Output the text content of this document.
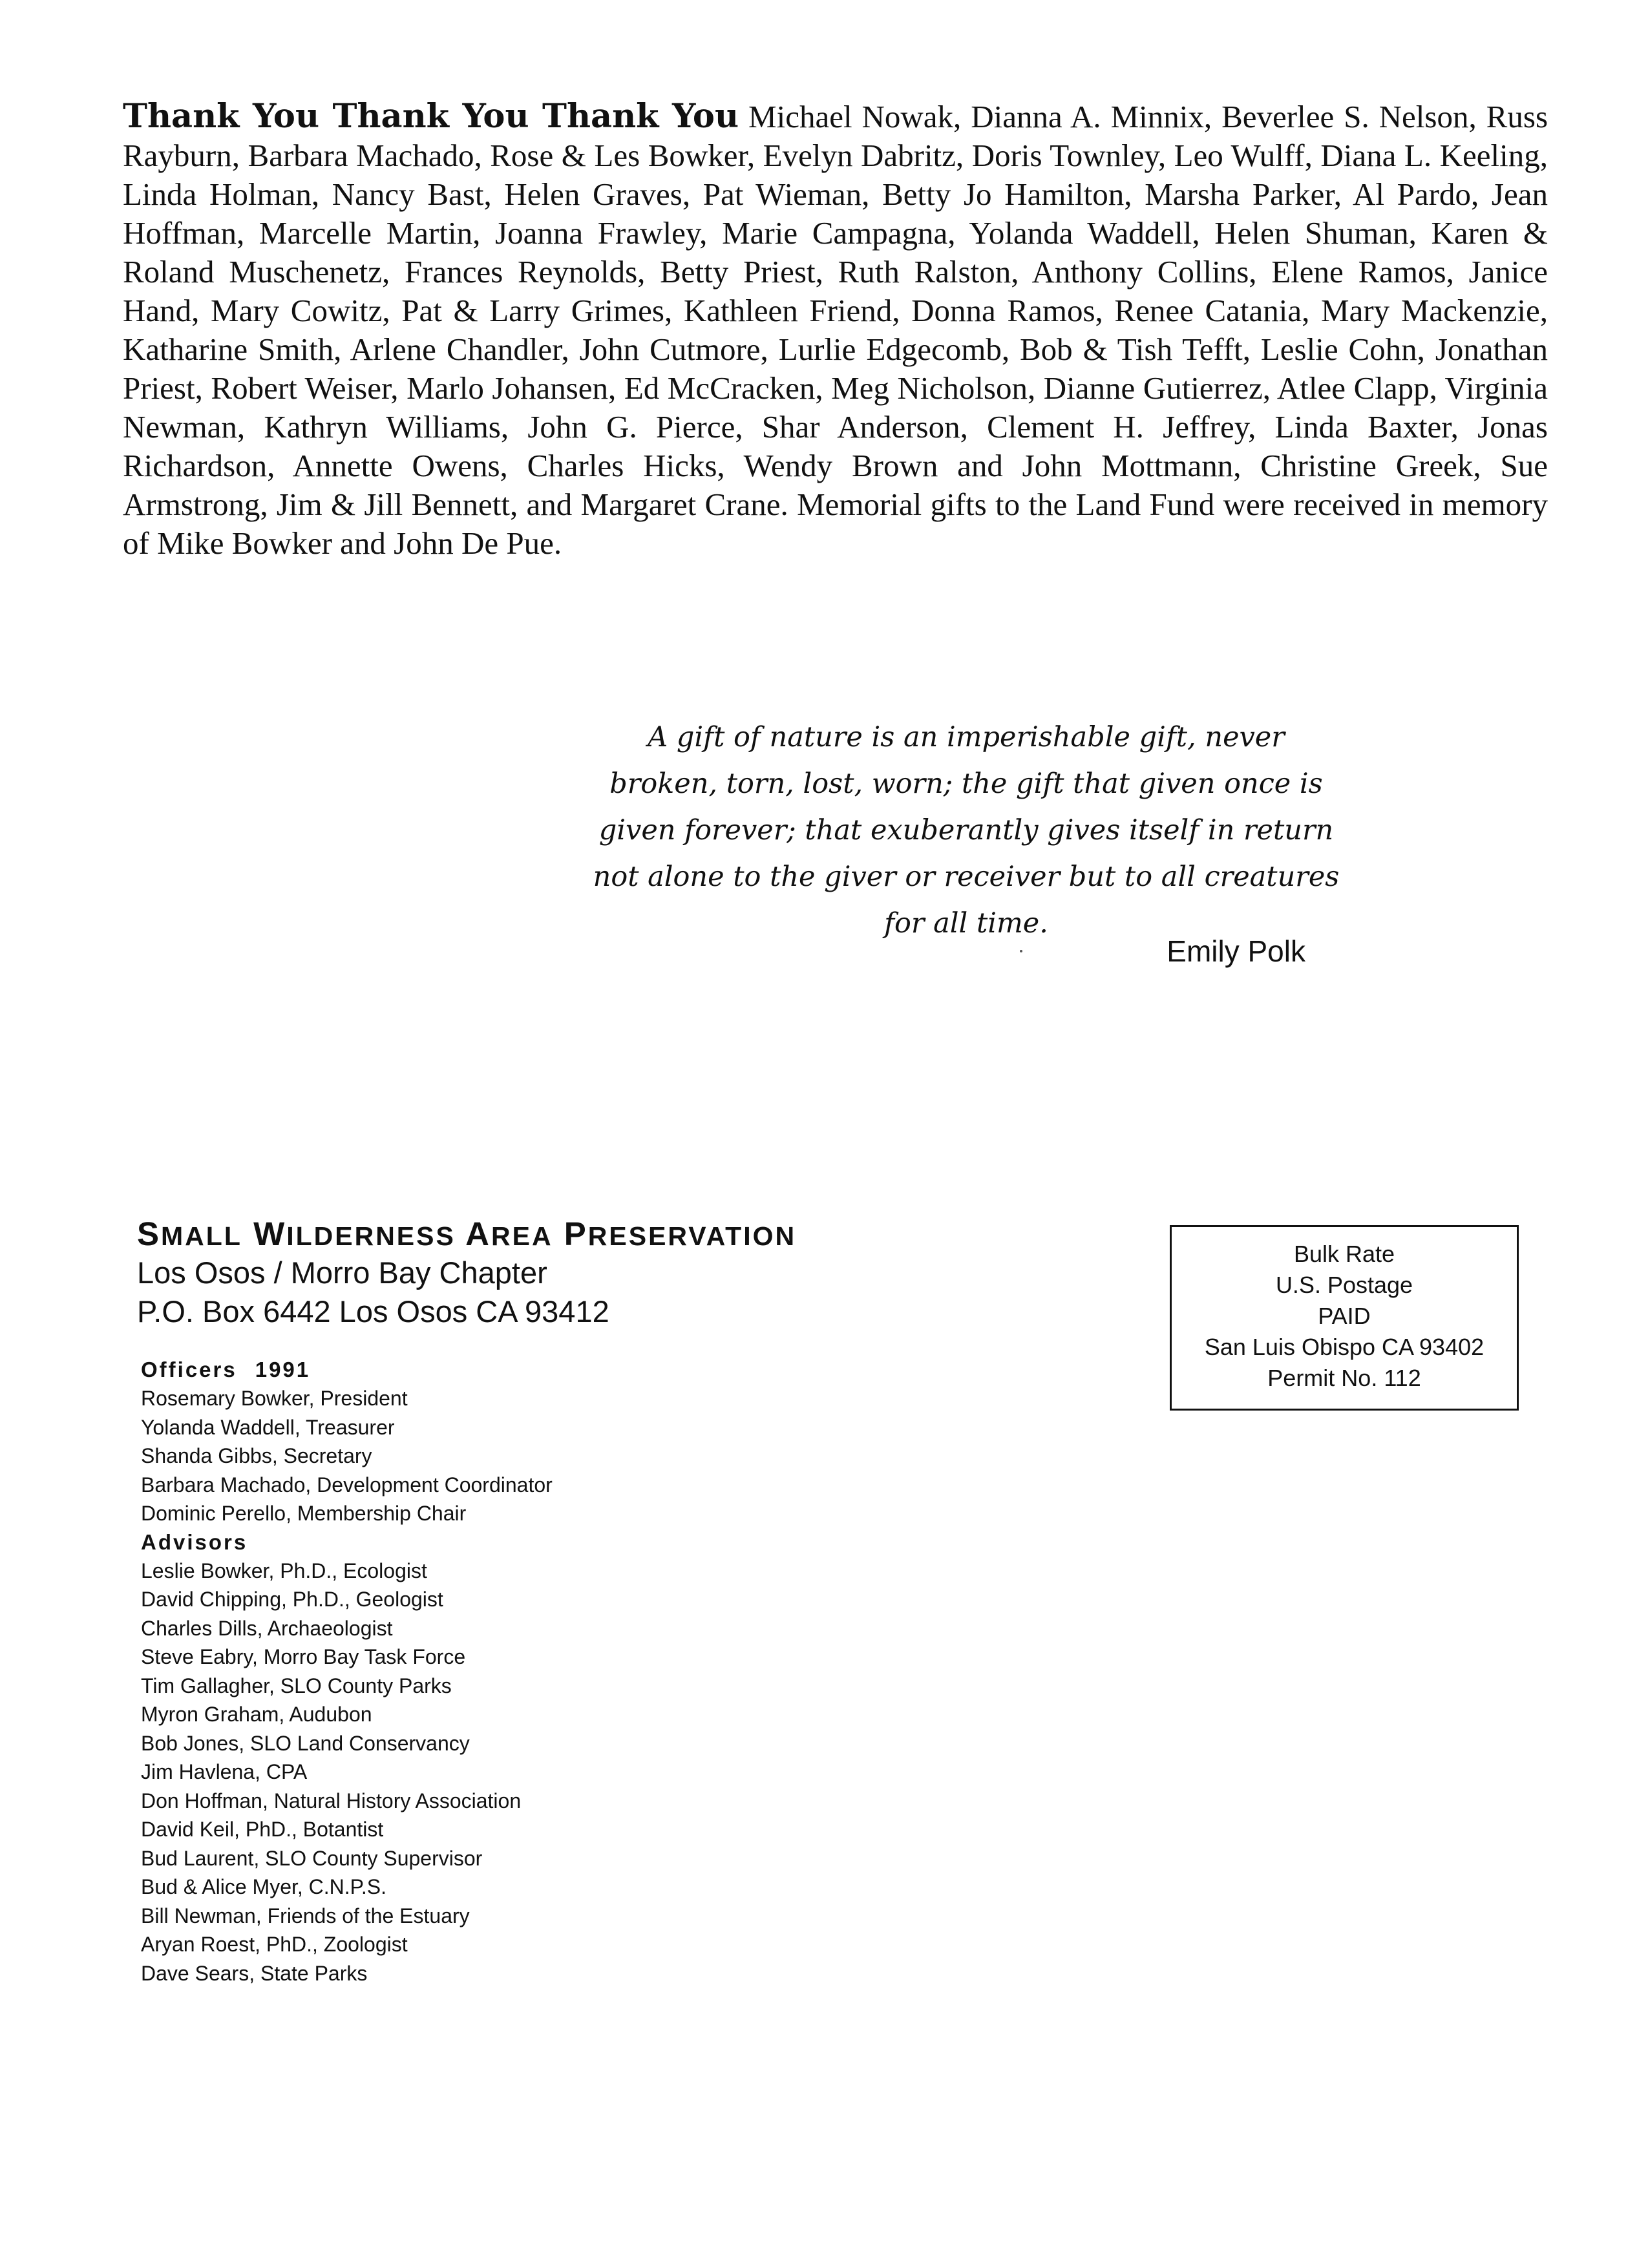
Thank You Thank You Thank You Michael Nowak, Dianna A. Minnix, Beverlee S. Nelson, Russ Rayburn, Barbara Machado, Rose & Les Bowker, Evelyn Dabritz, Doris Townley, Leo Wulff, Diana L. Keeling, Linda Holman, Nancy Bast, Helen Graves, Pat Wieman, Betty Jo Hamilton, Marsha Parker, Al Pardo, Jean Hoffman, Marcelle Martin, Joanna Frawley, Marie Campagna, Yolanda Waddell, Helen Shuman, Karen & Roland Muschenetz, Frances Reynolds, Betty Priest, Ruth Ralston, Anthony Collins, Elene Ramos, Janice Hand, Mary Cowitz, Pat & Larry Grimes, Kathleen Friend, Donna Ramos, Renee Catania, Mary Mackenzie, Katharine Smith, Arlene Chandler, John Cutmore, Lurlie Edgecomb, Bob & Tish Tefft, Leslie Cohn, Jonathan Priest, Robert Weiser, Marlo Johansen, Ed McCracken, Meg Nicholson, Dianne Gutierrez, Atlee Clapp, Virginia Newman, Kathryn Williams, John G. Pierce, Shar Anderson, Clement H. Jeffrey, Linda Baxter, Jonas Richardson, Annette Owens, Charles Hicks, Wendy Brown and John Mottmann, Christine Greek, Sue Armstrong, Jim & Jill Bennett, and Margaret Crane. Memorial gifts to the Land Fund were received in memory of Mike Bowker and John De Pue.

A gift of nature is an imperishable gift, never
broken, torn, lost, worn; the gift that given once is
given forever; that exuberantly gives itself in return
not alone to the giver or receiver but to all creatures
for all time.
Emily Polk
SMALL WILDERNESS AREA PRESERVATION
Los Osos / Morro Bay Chapter
P.O. Box 6442 Los Osos CA 93412
Officers 1991
Rosemary Bowker, President
Yolanda Waddell, Treasurer
Shanda Gibbs, Secretary
Barbara Machado, Development Coordinator
Dominic Perello, Membership Chair
Advisors
Leslie Bowker, Ph.D., Ecologist
David Chipping, Ph.D., Geologist
Charles Dills, Archaeologist
Steve Eabry, Morro Bay Task Force
Tim Gallagher, SLO County Parks
Myron Graham, Audubon
Bob Jones, SLO Land Conservancy
Jim Havlena, CPA
Don Hoffman, Natural History Association
David Keil, PhD., Botantist
Bud Laurent, SLO County Supervisor
Bud & Alice Myer, C.N.P.S.
Bill Newman, Friends of the Estuary
Aryan Roest, PhD., Zoologist
Dave Sears, State Parks
Bulk Rate
U.S. Postage
PAID
San Luis Obispo CA 93402
Permit No. 112
